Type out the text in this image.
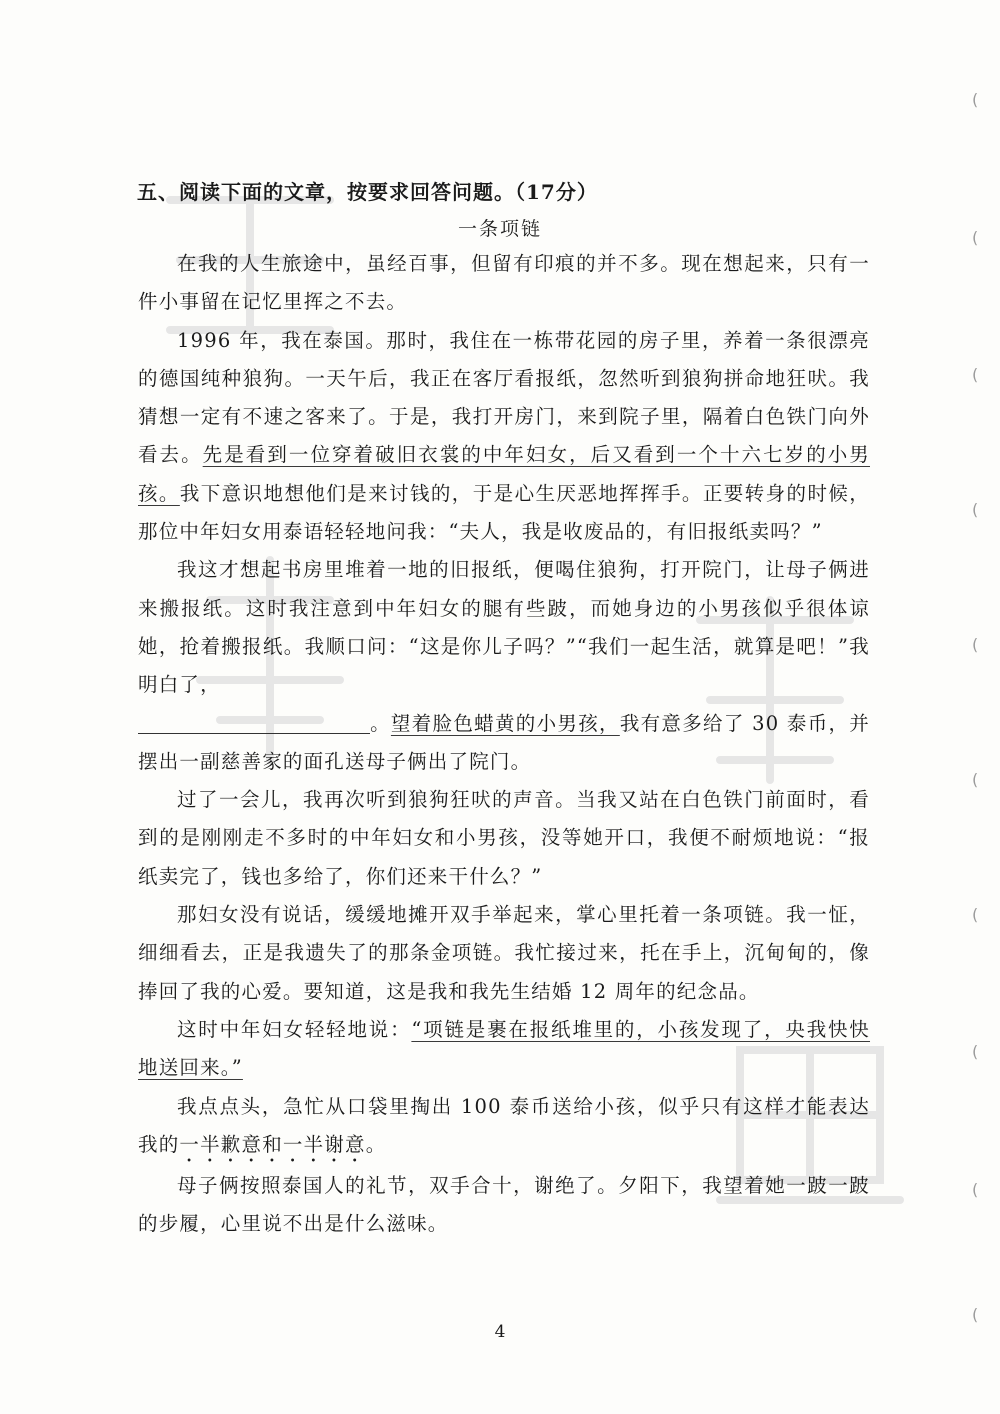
五、阅读下面的文章，按要求回答问题。（17分）
一条项链

在我的人生旅途中，虽经百事，但留有印痕的并不多。现在想起来，只有一件小事留在记忆里挥之不去。

1996 年，我在泰国。那时，我住在一栋带花园的房子里，养着一条很漂亮的德国纯种狼狗。一天午后，我正在客厅看报纸，忽然听到狼狗拼命地狂吠。我猜想一定有不速之客来了。于是，我打开房门，来到院子里，隔着白色铁门向外看去。先是看到一位穿着破旧衣裳的中年妇女，后又看到一个十六七岁的小男孩。我下意识地想他们是来讨钱的，于是心生厌恶地挥挥手。正要转身的时候，那位中年妇女用泰语轻轻地问我：“夫人，我是收废品的，有旧报纸卖吗？”

我这才想起书房里堆着一地的旧报纸，便喝住狼狗，打开院门，让母子俩进来搬报纸。这时我注意到中年妇女的腿有些跛，而她身边的小男孩似乎很体谅她，抢着搬报纸。我顺口问：“这是你儿子吗？”“我们一起生活，就算是吧！”我明白了，
。望着脸色蜡黄的小男孩，我有意多给了 30 泰币，并摆出一副慈善家的面孔送母子俩出了院门。

过了一会儿，我再次听到狼狗狂吠的声音。当我又站在白色铁门前面时，看到的是刚刚走不多时的中年妇女和小男孩，没等她开口，我便不耐烦地说：“报纸卖完了，钱也多给了，你们还来干什么？”

那妇女没有说话，缓缓地摊开双手举起来，掌心里托着一条项链。我一怔，细细看去，正是我遗失了的那条金项链。我忙接过来，托在手上，沉甸甸的，像捧回了我的心爱。要知道，这是我和我先生结婚 12 周年的纪念品。

这时中年妇女轻轻地说：“项链是裹在报纸堆里的，小孩发现了，央我快快地送回来。”

我点点头，急忙从口袋里掏出 100 泰币送给小孩，似乎只有这样才能表达我的一半歉意和一半谢意。

母子俩按照泰国人的礼节，双手合十，谢绝了。夕阳下，我望着她一跛一跛的步履，心里说不出是什么滋味。

4
(
(
(
(
(
(
(
(
(
(
